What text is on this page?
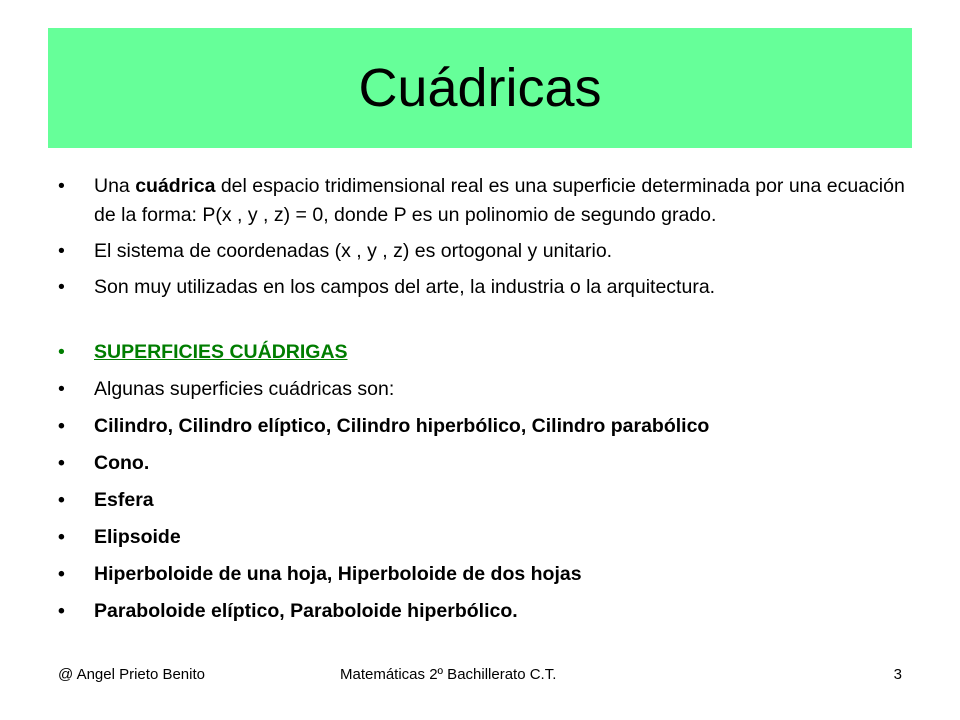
Cuádricas
• Una cuádrica del espacio tridimensional real es una superficie determinada por una ecuación de la forma: P(x , y , z) = 0, donde P es un polinomio de segundo grado.
• El sistema de coordenadas (x , y , z) es ortogonal y unitario.
• Son muy utilizadas en los campos del arte, la industria o la arquitectura.
• SUPERFICIES CUÁDRIGAS
• Algunas superficies cuádricas son:
• Cilindro, Cilindro elíptico, Cilindro hiperbólico, Cilindro parabólico
• Cono.
• Esfera
• Elipsoide
• Hiperboloide de una hoja, Hiperboloide de dos hojas
• Paraboloide elíptico, Paraboloide hiperbólico.
@ Angel Prieto Benito	Matemáticas 2º Bachillerato C.T.	3
